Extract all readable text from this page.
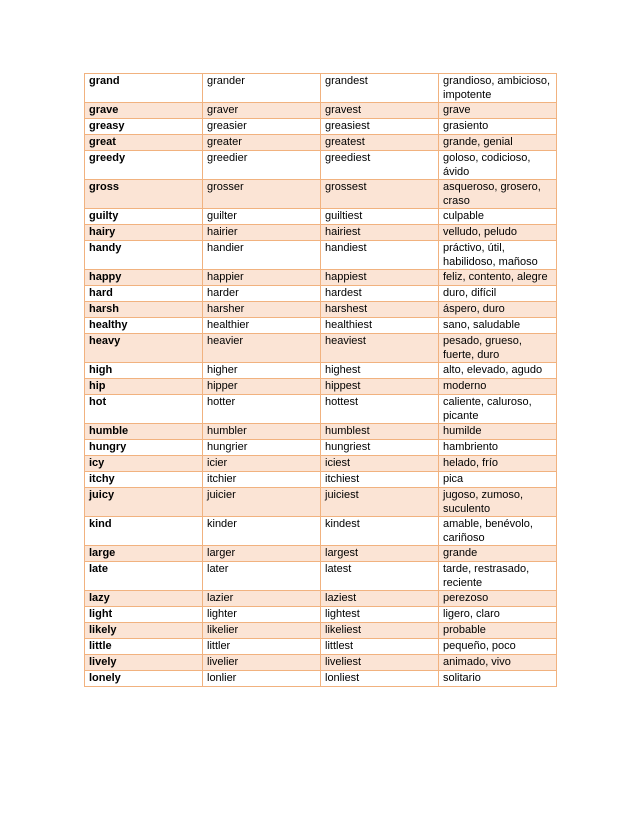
grand	grander	grandest	grandioso, ambicioso, impotente
grave	graver	gravest	grave
greasy	greasier	greasiest	grasiento
great	greater	greatest	grande, genial
greedy	greedier	greediest	goloso, codicioso, ávido
gross	grosser	grossest	asqueroso, grosero, craso
guilty	guilter	guiltiest	culpable
hairy	hairier	hairiest	velludo, peludo
handy	handier	handiest	práctivo, útil, habilidoso, mañoso
happy	happier	happiest	feliz, contento, alegre
hard	harder	hardest	duro, difícil
harsh	harsher	harshest	áspero, duro
healthy	healthier	healthiest	sano, saludable
heavy	heavier	heaviest	pesado, grueso, fuerte, duro
high	higher	highest	alto, elevado, agudo
hip	hipper	hippest	moderno
hot	hotter	hottest	caliente, caluroso, picante
humble	humbler	humblest	humilde
hungry	hungrier	hungriest	hambriento
icy	icier	iciest	helado, frío
itchy	itchier	itchiest	pica
juicy	juicier	juiciest	jugoso, zumoso, suculento
kind	kinder	kindest	amable, benévolo, cariñoso
large	larger	largest	grande
late	later	latest	tarde, restrasado, reciente
lazy	lazier	laziest	perezoso
light	lighter	lightest	ligero, claro
likely	likelier	likeliest	probable
little	littler	littlest	pequeño, poco
lively	livelier	liveliest	animado, vivo
lonely	lonlier	lonliest	solitario
